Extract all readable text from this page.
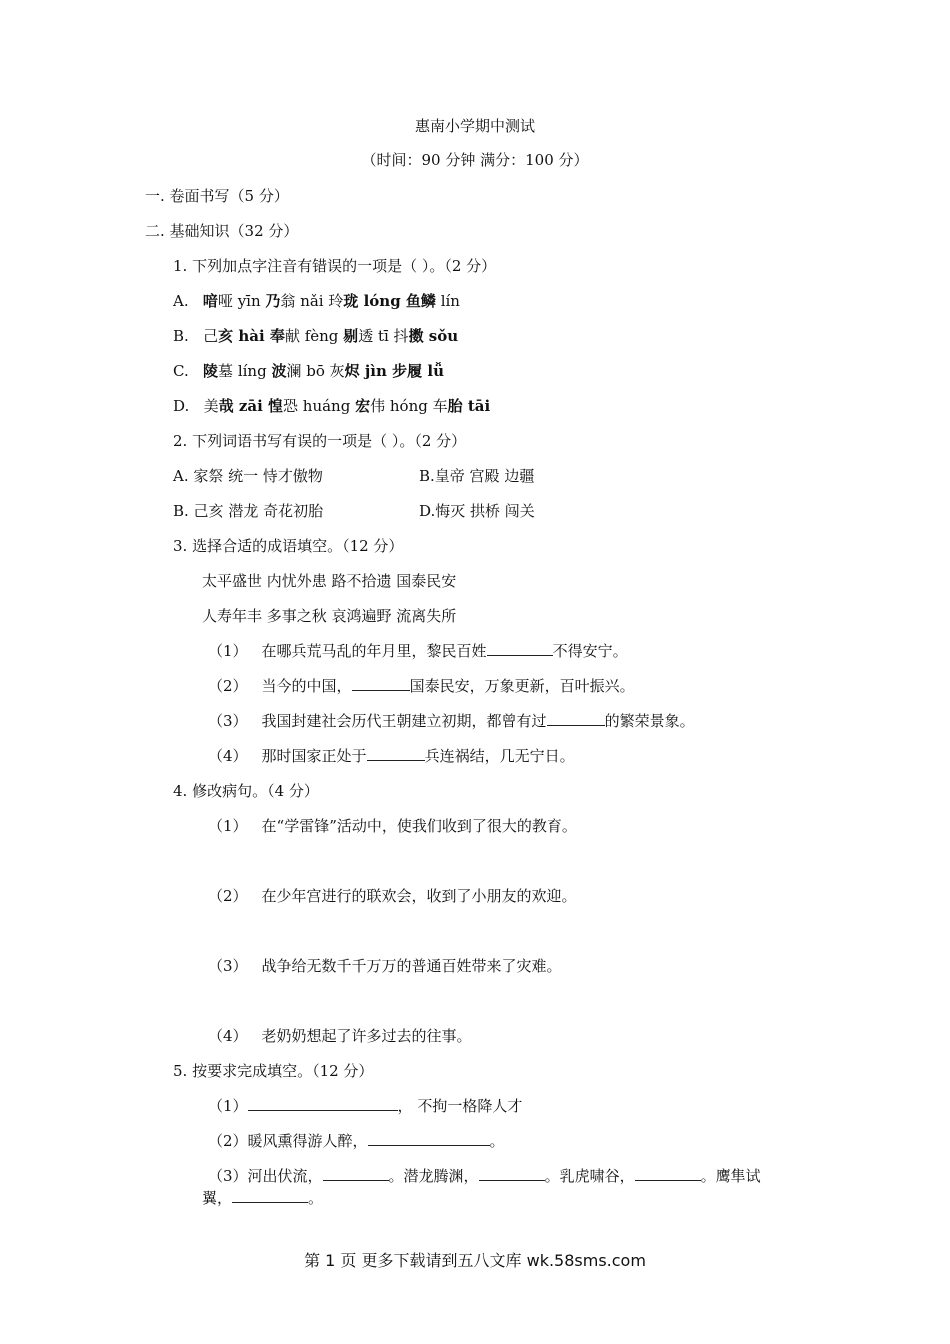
惠南小学期中测试
（时间：90 分钟 满分：100 分）
一. 卷面书写（5 分）
二. 基础知识（32 分）
1. 下列加点字注音有错误的一项是（ ）。（2 分）
A. 喑哑 yīn 乃翁 nǎi 玲珑 lóng 鱼鳞 lín
B. 己亥 hài 奉献 fèng 剔透 tī 抖擞 sǒu
C. 陵墓 líng 波澜 bō 灰烬 jìn 步履 lǚ
D. 美哉 zāi 惶恐 huáng 宏伟 hóng 车胎 tāi
2. 下列词语书写有误的一项是（ ）。（2 分）
A. 家祭 统一 恃才傲物	B.皇帝 宫殿 边疆
B. 己亥 潜龙 奇花初胎	D.悔灭 拱桥 闯关
3. 选择合适的成语填空。（12 分）
太平盛世 内忧外患 路不拾遗 国泰民安
人寿年丰 多事之秋 哀鸿遍野 流离失所
（1） 在哪兵荒马乱的年月里，黎民百姓	不得安宁。
（2） 当今的中国，	国泰民安，万象更新，百叶振兴。
（3） 我国封建社会历代王朝建立初期，都曾有过	的繁荣景象。
（4） 那时国家正处于	兵连祸结，几无宁日。
4. 修改病句。（4 分）
（1） 在“学雷锋”活动中，使我们收到了很大的教育。
（2） 在少年宫进行的联欢会，收到了小朋友的欢迎。
（3） 战争给无数千千万万的普通百姓带来了灾难。
（4） 老奶奶想起了许多过去的往事。
5. 按要求完成填空。（12 分）
（1）	， 不拘一格降人才
（2）暖风熏得游人醉，	。
（3）河出伏流，	。潜龙腾渊，	。乳虎啸谷，	。鹰隼试
翼，	。
第 1 页 更多下载请到五八文库 wk.58sms.com
